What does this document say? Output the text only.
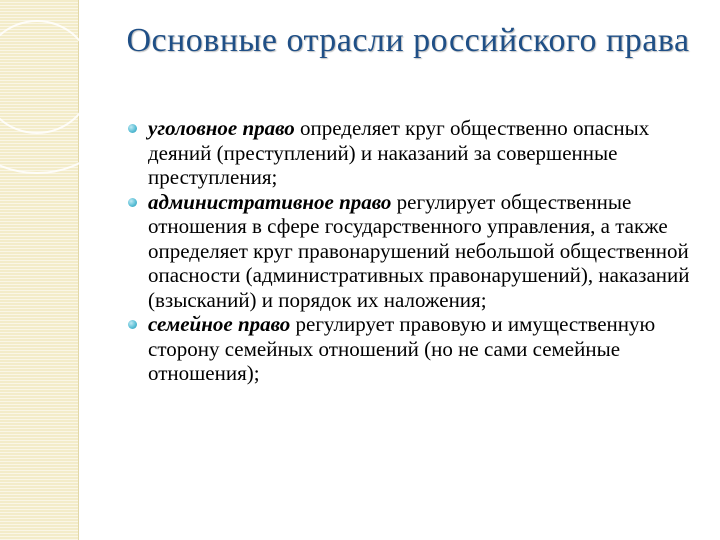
Основные отрасли российского права

уголовное право определяет круг общественно опасных деяний (преступлений) и наказаний за совершенные преступления;

административное право регулирует общественные отношения в сфере государственного управления, а также определяет круг правонарушений небольшой общественной опасности (административных правонарушений), наказаний (взысканий) и порядок их наложения;

семейное право регулирует правовую и имущественную сторону семейных отношений (но не сами семейные отношения);
